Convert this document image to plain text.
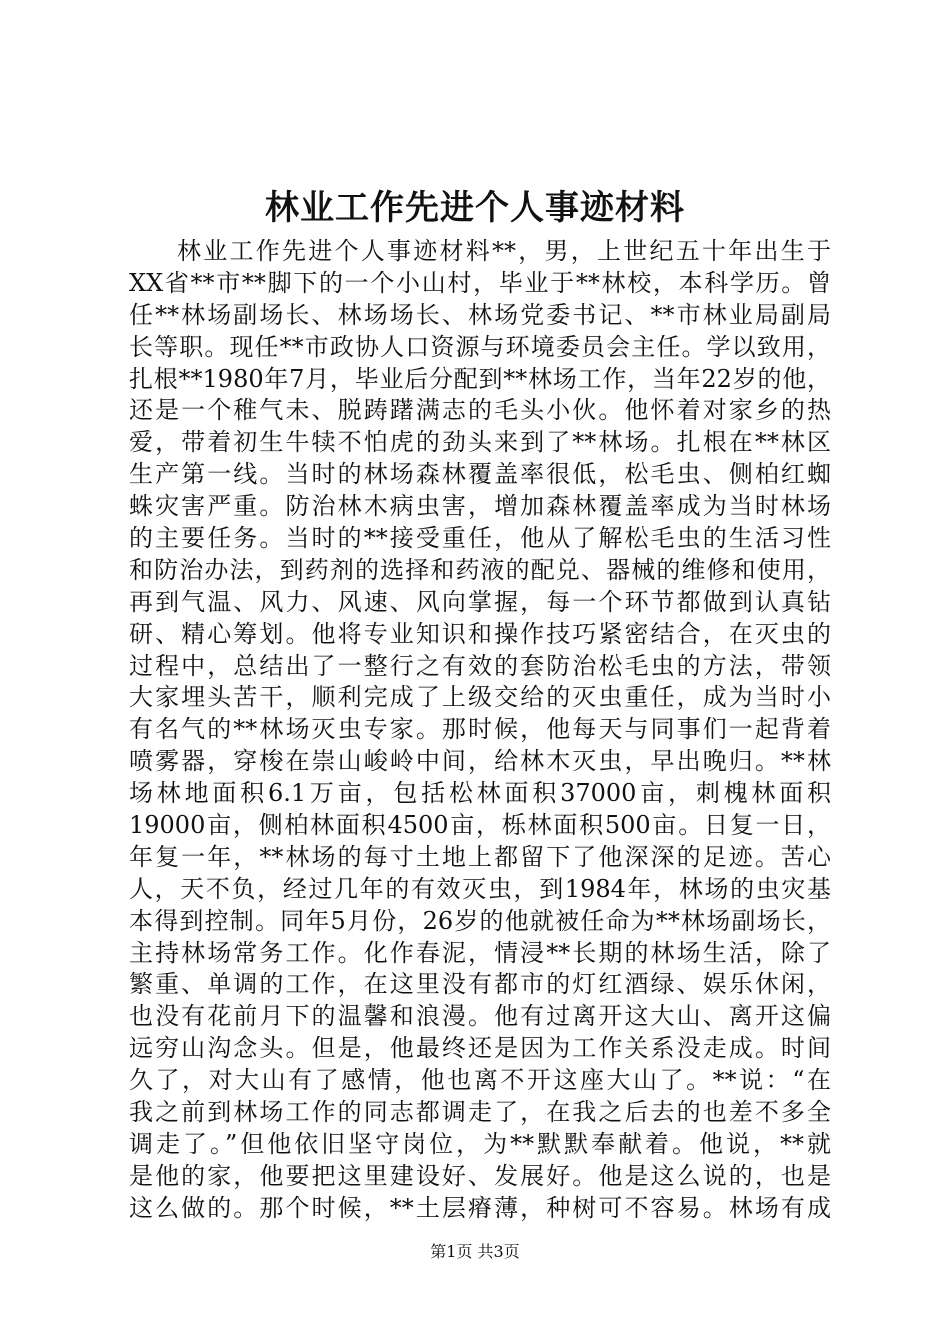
林业工作先进个人事迹材料
林业工作先进个人事迹材料**，男，上世纪五十年出生于
XX省**市**脚下的一个小山村，毕业于**林校，本科学历。曾
任**林场副场长、林场场长、林场党委书记、**市林业局副局
长等职。现任**市政协人口资源与环境委员会主任。学以致用，
扎根**1980年7月，毕业后分配到**林场工作，当年22岁的他，
还是一个稚气未、脱踌躇满志的毛头小伙。他怀着对家乡的热
爱，带着初生牛犊不怕虎的劲头来到了**林场。扎根在**林区
生产第一线。当时的林场森林覆盖率很低，松毛虫、侧柏红蜘
蛛灾害严重。防治林木病虫害，增加森林覆盖率成为当时林场
的主要任务。当时的**接受重任，他从了解松毛虫的生活习性
和防治办法，到药剂的选择和药液的配兑、器械的维修和使用，
再到气温、风力、风速、风向掌握，每一个环节都做到认真钻
研、精心筹划。他将专业知识和操作技巧紧密结合，在灭虫的
过程中，总结出了一整行之有效的套防治松毛虫的方法，带领
大家埋头苦干，顺利完成了上级交给的灭虫重任，成为当时小
有名气的**林场灭虫专家。那时候，他每天与同事们一起背着
喷雾器，穿梭在崇山峻岭中间，给林木灭虫，早出晚归。**林
场林地面积6.1万亩，包括松林面积37000亩，刺槐林面积
19000亩，侧柏林面积4500亩，栎林面积500亩。日复一日，
年复一年，**林场的每寸土地上都留下了他深深的足迹。苦心
人，天不负，经过几年的有效灭虫，到1984年，林场的虫灾基
本得到控制。同年5月份，26岁的他就被任命为**林场副场长，
主持林场常务工作。化作春泥，情浸**长期的林场生活，除了
繁重、单调的工作，在这里没有都市的灯红酒绿、娱乐休闲，
也没有花前月下的温馨和浪漫。他有过离开这大山、离开这偏
远穷山沟念头。但是，他最终还是因为工作关系没走成。时间
久了，对大山有了感情，他也离不开这座大山了。**说：“在
我之前到林场工作的同志都调走了，在我之后去的也差不多全
调走了。”但他依旧坚守岗位，为**默默奉献着。他说，**就
是他的家，他要把这里建设好、发展好。他是这么说的，也是
这么做的。那个时候，**土层瘠薄，种树可不容易。林场有成
第1页 共3页
